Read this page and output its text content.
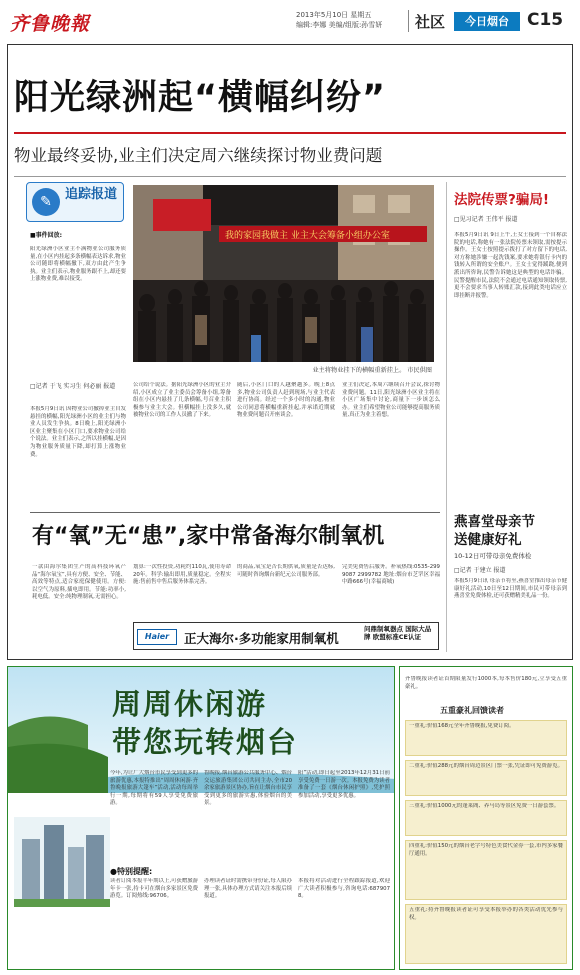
齐鲁晚報	2013年5月10日 星期五
编辑:李娜 美编/组版:孙雪妍	社区	今日烟台	C15
阳光绿洲起“横幅纠纷”
物业最终妥协,业主们决定周六继续探讨物业费问题
✎	追踪报道
■事件回放:
阳光绿洲小区业主不满物业公司服务质量,在小区内挂起多条横幅表达诉求,物业公司随即将横幅撤下,双方由此产生争执。业主们表示,物业服务跟不上,却还要上涨物业费,难以接受。
我的家园我做主 业主大会筹备小组办公室
业主将物业挂下的横幅重新挂上。 市民供图
□记者 于飞 实习生 何必丽 报道
本报5月9日讯 因物业公司撤掉业主自发悬挂的横幅,阳光绿洲小区的业主们与物业人员发生争执。8日晚上,阳光绿洲小区业主聚集在小区门口,要求物业公司给个说法。业主们表示,之所以挂横幅,是因为物业服务质量下降,却打算上涨物业费。
公司给个说法。据阳光绿洲小区的业主介绍,小区成立了业主委员会筹备小组,筹备组在小区内悬挂了几条横幅,号召业主积极参与业主大会。但横幅挂上没多久,就被物业公司的工作人员撤了下来。
随后,小区门口的人越聚越多。晚上8点多,物业公司负责人赶到现场,与业主代表进行协商。经过一个多小时的沟通,物业公司同意将横幅重新挂起,并承诺近期就物业费问题召开座谈会。
业主们决定,本周六继续召开会议,探讨物业费问题。11日,阳光绿洲小区业主将在小区广场集中讨论,商量下一步该怎么办。业主们希望物业公司能够提高服务质量,真正为业主着想。
法院传票?骗局!
□见习记者 王伟平 报道
本报5月9日讯 9日上午,王女士接到一个自称法院的电话,称她有一张法院传票未领取,需按提示操作。王女士按照提示拨打了对方留下的电话,对方称她涉嫌一起洗钱案,要求她将银行卡内的钱转入所谓的安全账户。王女士觉得蹊跷,便到派出所咨询,民警告诉她这是典型的电话诈骗。民警提醒市民,法院不会通过电话通知领取传票,更不会要求当事人转账汇款,接到此类电话应立即挂断并报警。
燕喜堂母亲节
送健康好礼
10-12日可带母亲免费体检
□记者 于建立 报道
本报5月9日讯 母亲节将至,燕喜堂推出母亲节健康好礼活动,10日至12日期间,市民可带母亲到燕喜堂免费体检,还可获赠精美礼品一份。
有“氧”无“患”,家中常备海尔制氧机
一款由海尔集团生产的高科技环氧产品“海尔氧宝”,具有方便、安全、节能、高效等特点,适合家庭保健使用。方便:以空气为原料,插电即用。节能:功率小,耗电低。安全:纯物理制氧,无需担心。
划算:一次性投资,功耗约110瓦,使用寿命20年。科学:输出即用,质量稳定。全程实施:售前售中售后服务体系完善。
的商品,氧宝是否长期供氧,质量是否达标,可随时咨询烟台新纪元公司服务部。
完美免费售后服务。补氧热线:0535-2999087 2999782 地址:烟台市芝罘区幸福中路666号(幸福商城)
Haier	正大海尔·多功能家用制氧机
问鼎制氧器点 国际大品牌 欧盟标准CE认证
周周休闲游
带您玩转烟台
今年,为让广大烟台市民享受到更多的旅游优惠,本报特推出“周周休闲游·齐鲁晚报旅游大篷车”活动,活动每周举行一期,每期将有59人享受免费旅游。
鲁晚报,烟台旅游公共服务中心、烟台交运旅游集团公司共同主办,全市20余家旅游景区协办,旨在让烟台市民享受到更多的旅游实惠,体验烟台的美景。
阳”活动,即日起至2013年12月31日前享受免费一日游一次。本报免费为读者准备了一套《烟台休闲护照》,凭护照参加活动,享受更多优惠。
●特别提醒:
读者订阅本报半年期以上,可获赠旅游年卡一张,持卡可在烟台多家景区免费游览。订阅热线:96706。
办理读者证时需携带身份证,每人限办理一张,具体办理方式请关注本报后续报道。
本报将对活动进行全程跟踪报道,欢迎广大读者积极参与,咨询电话:6879078。
齐鲁晚报读者证首期限量发行1000本,每本售价180元,立享受五重豪礼。
五重豪礼回馈读者
一重礼:价值168元全年齐鲁晚报,免费订阅。
二重礼:价值288元的烟台周边景区门票一张,凭证即可免费游览。
三重礼:价值1000元的蓬莱阁、养马岛等景区免费一日游套票。
四重礼:价值150元的烟台老字号特色美食代金券一套,市内多家餐厅通用。
五重礼:持齐鲁晚报读者证可享受本报举办的各类活动优先参与权。
